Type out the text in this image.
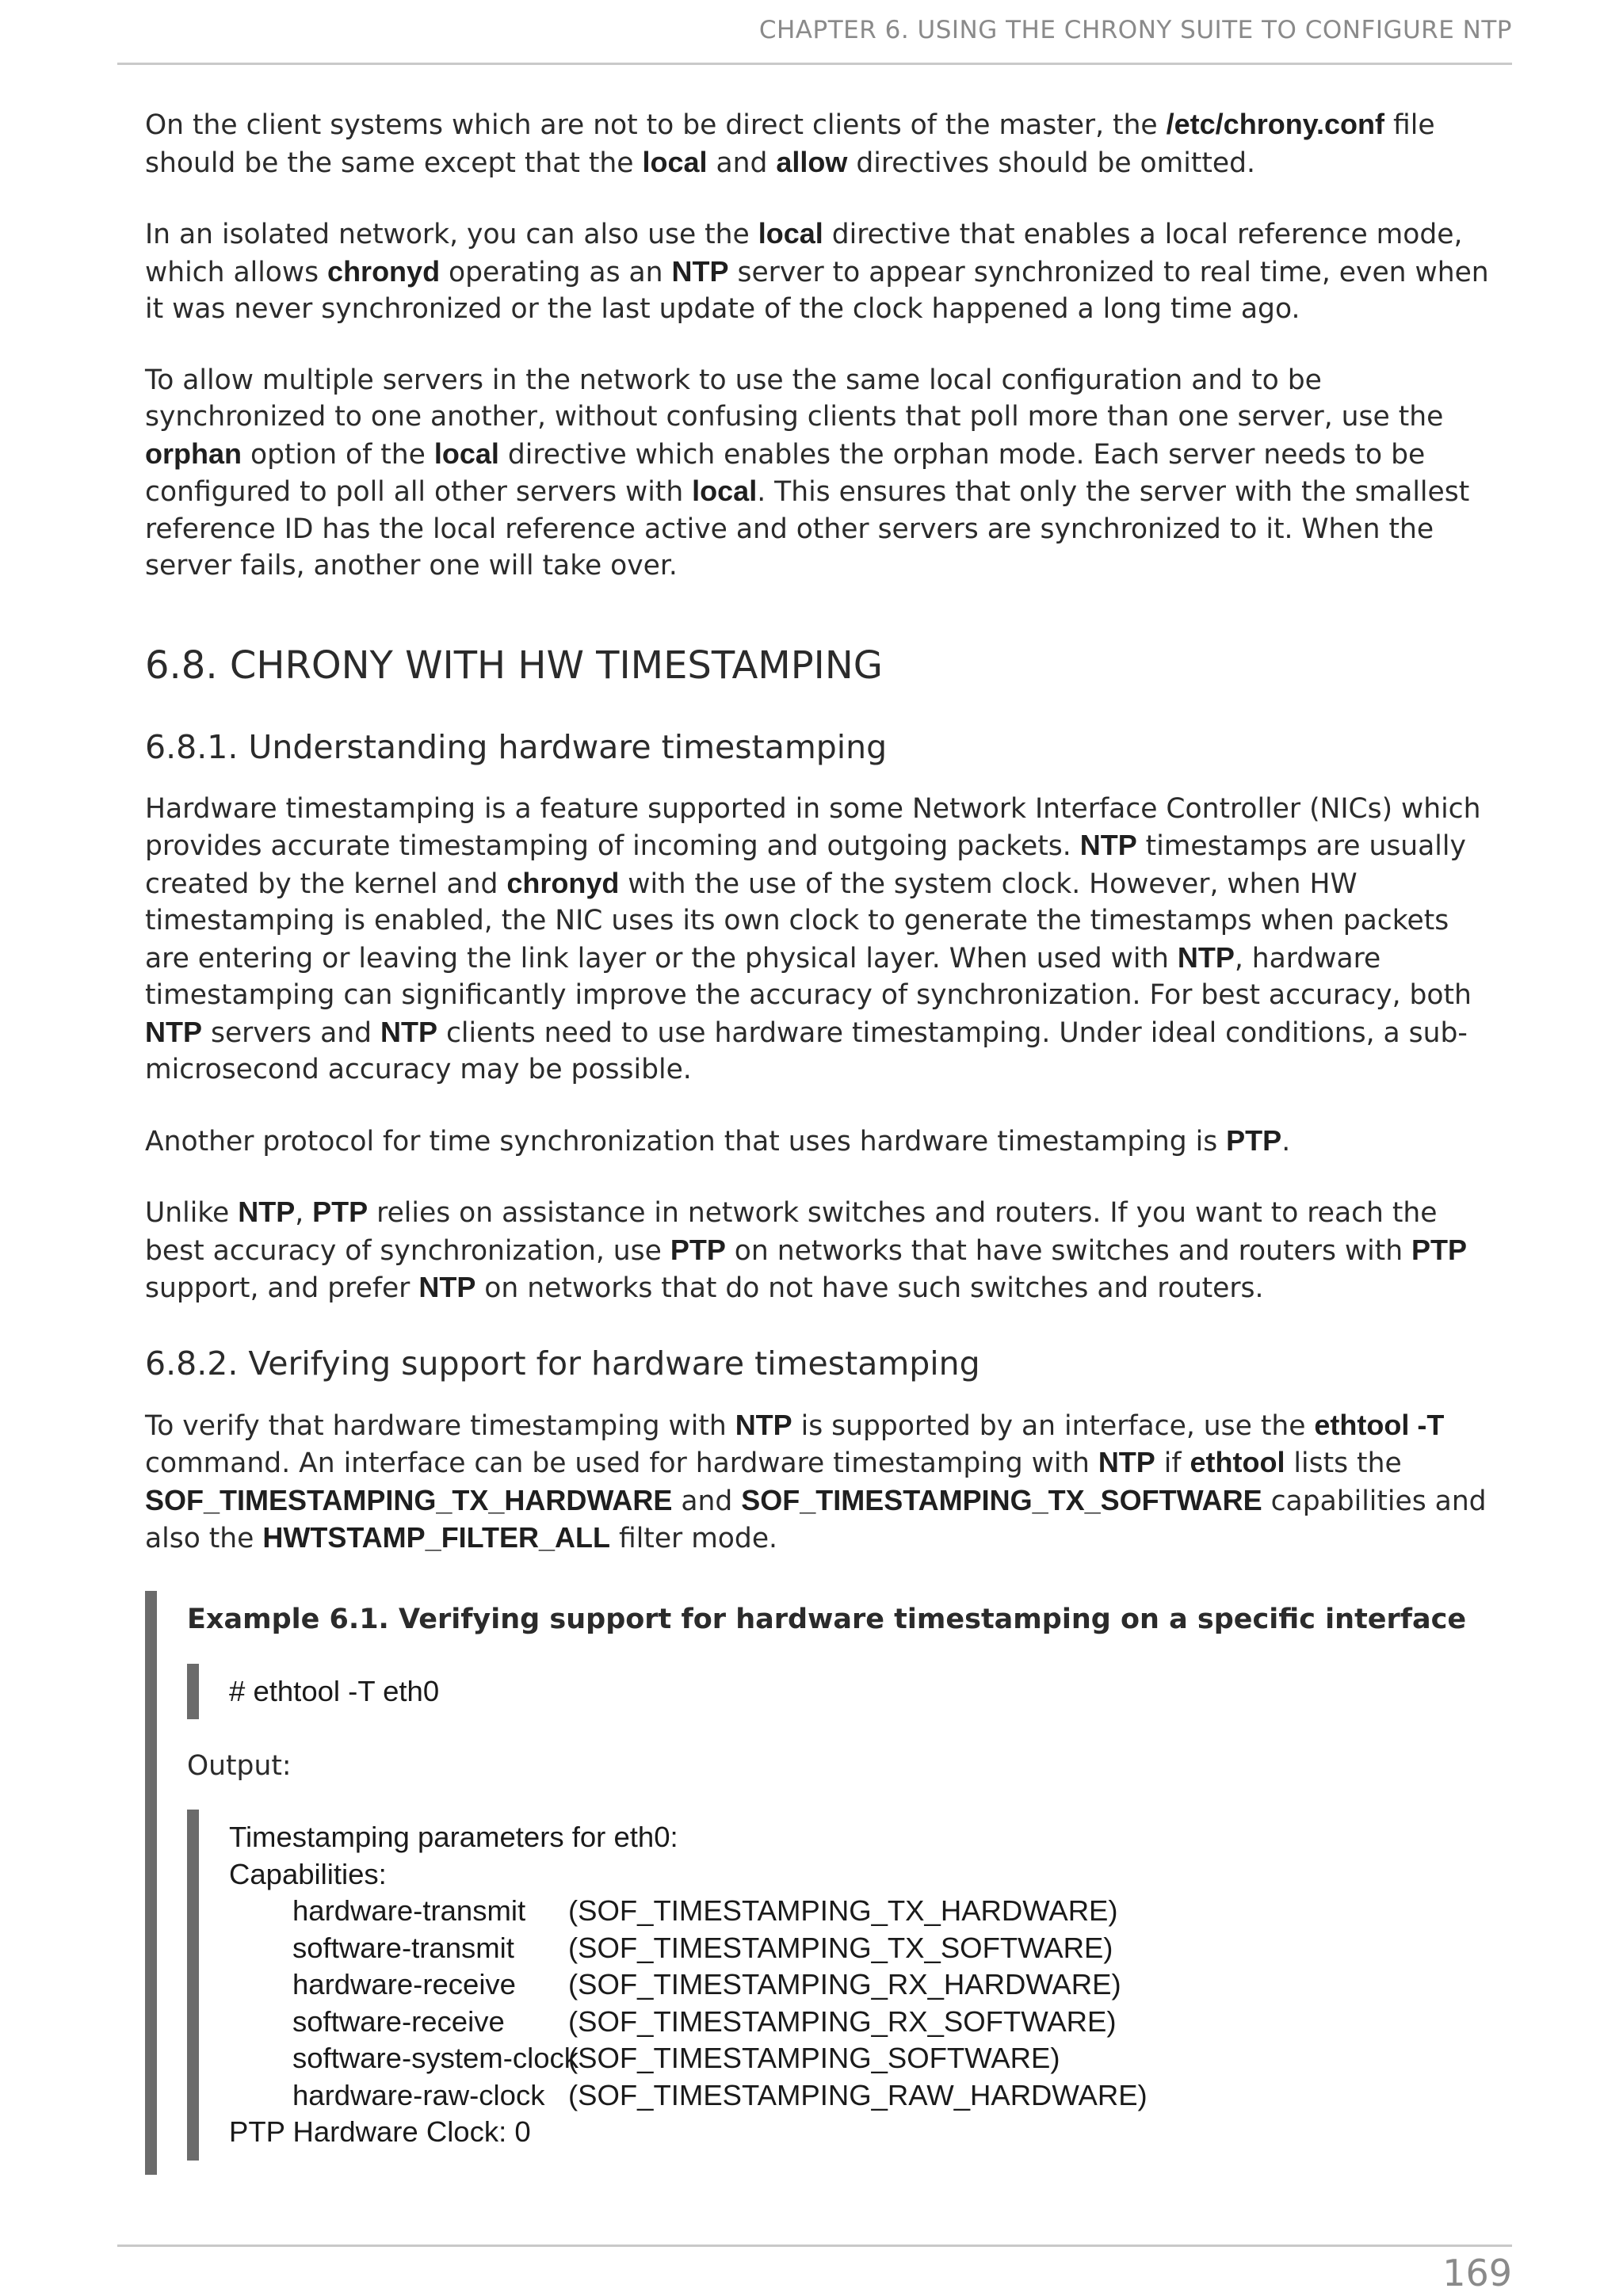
CHAPTER 6. USING THE CHRONY SUITE TO CONFIGURE NTP

On the client systems which are not to be direct clients of the master, the /etc/chrony.conf file should be the same except that the local and allow directives should be omitted.

In an isolated network, you can also use the local directive that enables a local reference mode, which allows chronyd operating as an NTP server to appear synchronized to real time, even when it was never synchronized or the last update of the clock happened a long time ago.

To allow multiple servers in the network to use the same local configuration and to be synchronized to one another, without confusing clients that poll more than one server, use the orphan option of the local directive which enables the orphan mode. Each server needs to be configured to poll all other servers with local. This ensures that only the server with the smallest reference ID has the local reference active and other servers are synchronized to it. When the server fails, another one will take over.

6.8. CHRONY WITH HW TIMESTAMPING
6.8.1. Understanding hardware timestamping

Hardware timestamping is a feature supported in some Network Interface Controller (NICs) which provides accurate timestamping of incoming and outgoing packets. NTP timestamps are usually created by the kernel and chronyd with the use of the system clock. However, when HW timestamping is enabled, the NIC uses its own clock to generate the timestamps when packets are entering or leaving the link layer or the physical layer. When used with NTP, hardware timestamping can significantly improve the accuracy of synchronization. For best accuracy, both NTP servers and NTP clients need to use hardware timestamping. Under ideal conditions, a sub-microsecond accuracy may be possible.

Another protocol for time synchronization that uses hardware timestamping is PTP.

Unlike NTP, PTP relies on assistance in network switches and routers. If you want to reach the best accuracy of synchronization, use PTP on networks that have switches and routers with PTP support, and prefer NTP on networks that do not have such switches and routers.

6.8.2. Verifying support for hardware timestamping

To verify that hardware timestamping with NTP is supported by an interface, use the ethtool -T command. An interface can be used for hardware timestamping with NTP if ethtool lists the SOF_TIMESTAMPING_TX_HARDWARE and SOF_TIMESTAMPING_TX_SOFTWARE capabilities and also the HWTSTAMP_FILTER_ALL filter mode.

Example 6.1. Verifying support for hardware timestamping on a specific interface
# ethtool -T eth0
Output:
Timestamping parameters for eth0:
Capabilities:
hardware-transmit (SOF_TIMESTAMPING_TX_HARDWARE)
software-transmit (SOF_TIMESTAMPING_TX_SOFTWARE)
hardware-receive (SOF_TIMESTAMPING_RX_HARDWARE)
software-receive (SOF_TIMESTAMPING_RX_SOFTWARE)
software-system-clock(SOF_TIMESTAMPING_SOFTWARE)
hardware-raw-clock (SOF_TIMESTAMPING_RAW_HARDWARE)
PTP Hardware Clock: 0
169
